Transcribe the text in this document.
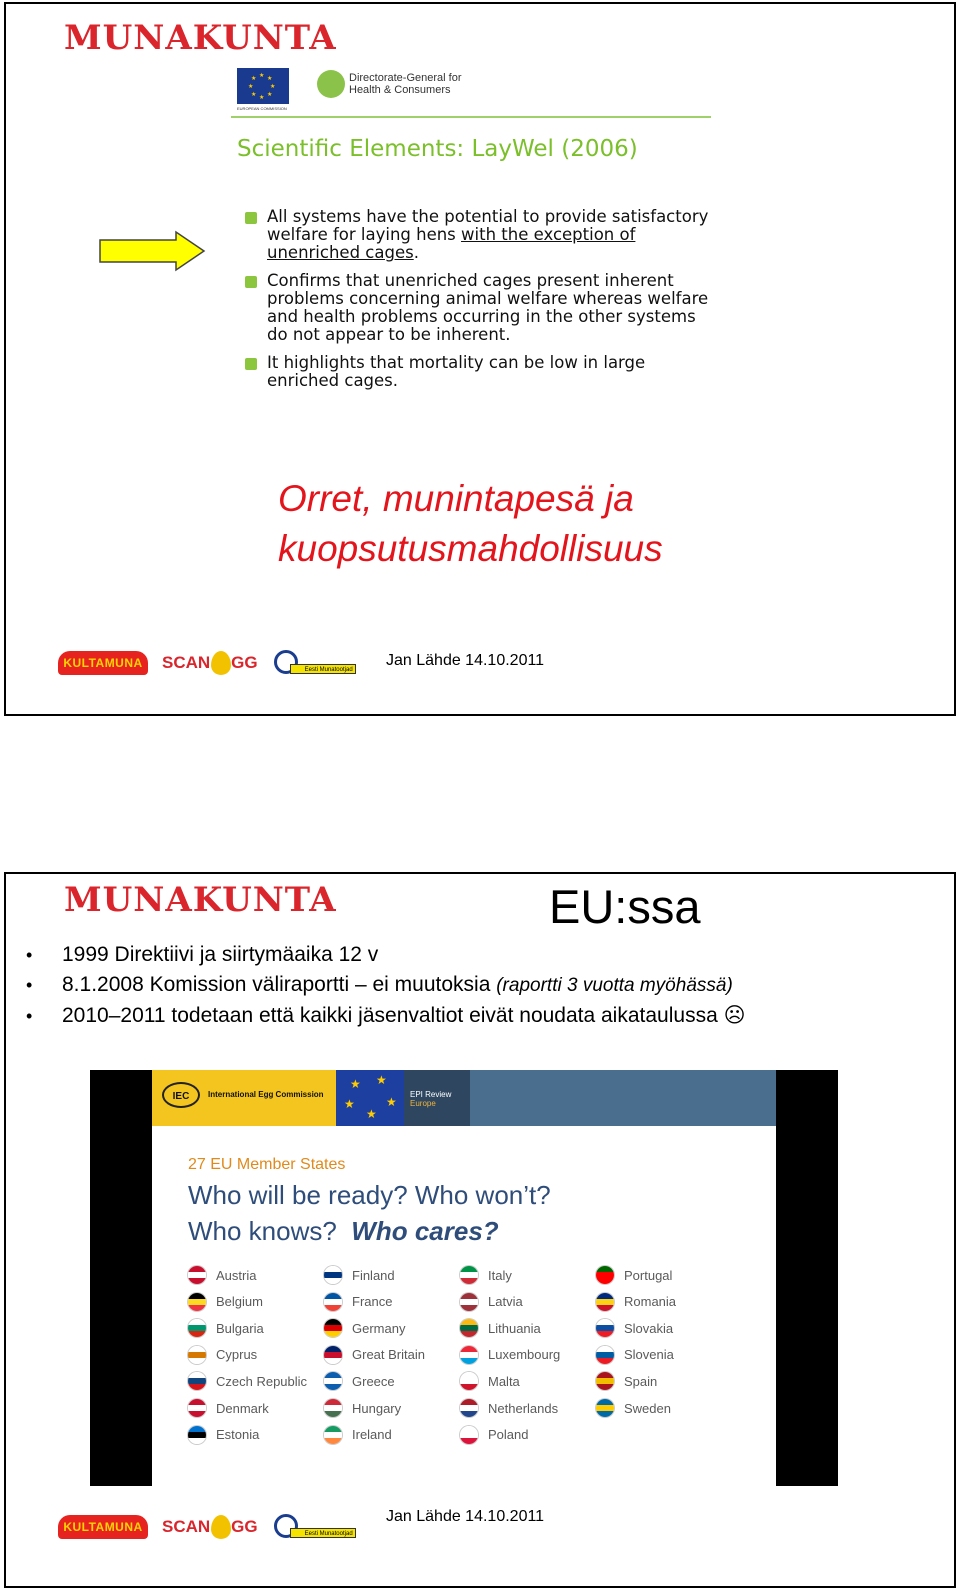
MUNAKUNTA
★ ★
★
★
★
★
★
★
EUROPEAN COMMISSION
Directorate-General for
Health & Consumers
Scientific Elements: LayWel (2006)
All systems have the potential to provide satisfactory welfare for laying hens with the exception of unenriched cages.
Confirms that unenriched cages present inherent problems concerning animal welfare whereas welfare and health problems occurring in the other systems do not appear to be inherent.
It highlights that mortality can be low in large enriched cages.
Orret, munintapesä ja
kuopsutusmahdollisuus
KULTAMUNA	SCAN GG	Eesti Munatootjad
Jan Lähde 14.10.2011
MUNAKUNTA	EU:ssa
• 1999 Direktiivi ja siirtymäaika 12 v
• 8.1.2008 Komission väliraportti – ei muutoksia (raportti 3 vuotta myöhässä)
• 2010–2011 todetaan että kaikki jäsenvaltiot eivät noudata aikataulussa ☹
IEC	International Egg Commission
★ ★
★
★
★
EPI Review
Europe
27 EU Member States
Who will be ready? Who won’t?
Who knows? Who cares?
Austria
Belgium
Bulgaria
Cyprus
Czech Republic
Denmark
Estonia
Finland
France
Germany
Great Britain
Greece
Hungary
Ireland
Italy
Latvia
Lithuania
Luxembourg
Malta
Netherlands
Poland
Portugal
Romania
Slovakia
Slovenia
Spain
Sweden
KULTAMUNA	SCAN GG	Eesti Munatootjad
Jan Lähde 14.10.2011
